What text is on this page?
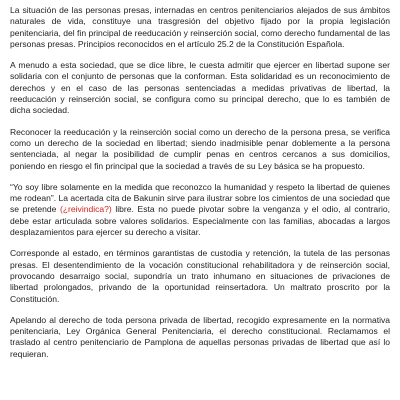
La situación de las personas presas, internadas en centros penitenciarios alejados de sus ámbitos naturales de vida, constituye una trasgresión del objetivo fijado por la propia legislación penitenciaria, del fin principal de reeducación y reinserción social, como derecho fundamental de las personas presas. Principios reconocidos en el artículo 25.2 de la Constitución Española.

A menudo a esta sociedad, que se dice libre, le cuesta admitir que ejercer en libertad supone ser solidaria con el conjunto de personas que la conforman. Esta solidaridad es un reconocimiento de derechos y en el caso de las personas sentenciadas a medidas privativas de libertad, la reeducación y reinserción social, se configura como su principal derecho, que lo es también de dicha sociedad.

Reconocer la reeducación y la reinserción social como un derecho de la persona presa, se verifica como un derecho de la sociedad en libertad; siendo inadmisible penar doblemente a la persona sentenciada, al negar la posibilidad de cumplir penas en centros cercanos a sus domicilios, poniendo en riesgo el fin principal que la sociedad a través de su Ley básica se ha propuesto.

“Yo soy libre solamente en la medida que reconozco la humanidad y respeto la libertad de quienes me rodean”. La acertada cita de Bakunin sirve para ilustrar sobre los cimientos de una sociedad que se pretende (¿reivindica?) libre. Esta no puede pivotar sobre la venganza y el odio, al contrario, debe estar articulada sobre valores solidarios. Especialmente con las familias, abocadas a largos desplazamientos para ejercer su derecho a visitar.

Corresponde al estado, en términos garantistas de custodia y retención, la tutela de las personas presas. El desentendimiento de la vocación constitucional rehabilitadora y de reinserción social, provocando desarraigo social, supondría un trato inhumano en situaciones de privaciones de libertad prolongados, privando de la oportunidad reinsertadora. Un maltrato proscrito por la Constitución.

Apelando al derecho de toda persona privada de libertad, recogido expresamente en la normativa penitenciaria, Ley Orgánica General Penitenciaria, el derecho constitucional. Reclamamos el traslado al centro penitenciario de Pamplona de aquellas personas privadas de libertad que así lo requieran.
